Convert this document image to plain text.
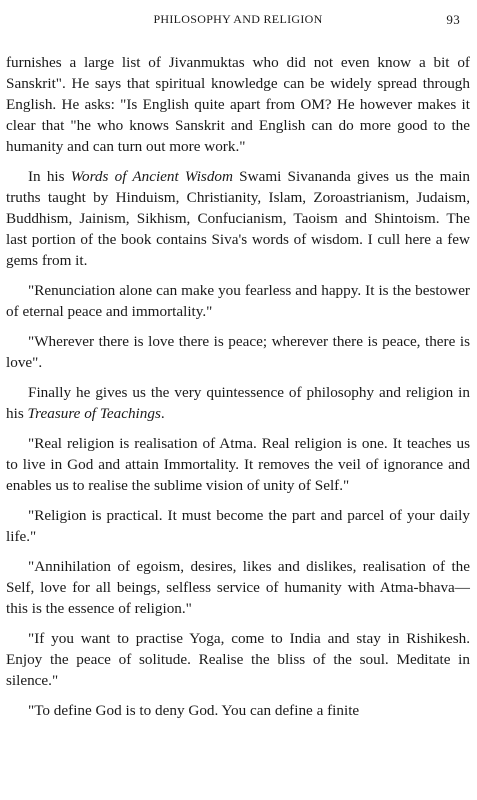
PHILOSOPHY AND RELIGION	93

furnishes a large list of Jivanmuktas who did not even know a bit of Sanskrit". He says that spiritual knowledge can be widely spread through English. He asks: "Is English quite apart from OM? He however makes it clear that "he who knows Sanskrit and English can do more good to the humanity and can turn out more work."

In his Words of Ancient Wisdom Swami Sivananda gives us the main truths taught by Hinduism, Christianity, Islam, Zoroastrianism, Judaism, Buddhism, Jainism, Sikhism, Confucianism, Taoism and Shintoism. The last portion of the book contains Siva's words of wisdom. I cull here a few gems from it.

"Renunciation alone can make you fearless and happy. It is the bestower of eternal peace and immortality."

"Wherever there is love there is peace; wherever there is peace, there is love".

Finally he gives us the very quintessence of philosophy and religion in his Treasure of Teachings.

"Real religion is realisation of Atma. Real religion is one. It teaches us to live in God and attain Immortality. It removes the veil of ignorance and enables us to realise the sublime vision of unity of Self."

"Religion is practical. It must become the part and parcel of your daily life."

"Annihilation of egoism, desires, likes and dislikes, realisation of the Self, love for all beings, selfless service of humanity with Atma-bhava—this is the essence of religion."

"If you want to practise Yoga, come to India and stay in Rishikesh. Enjoy the peace of solitude. Realise the bliss of the soul. Meditate in silence."

"To define God is to deny God. You can define a finite
